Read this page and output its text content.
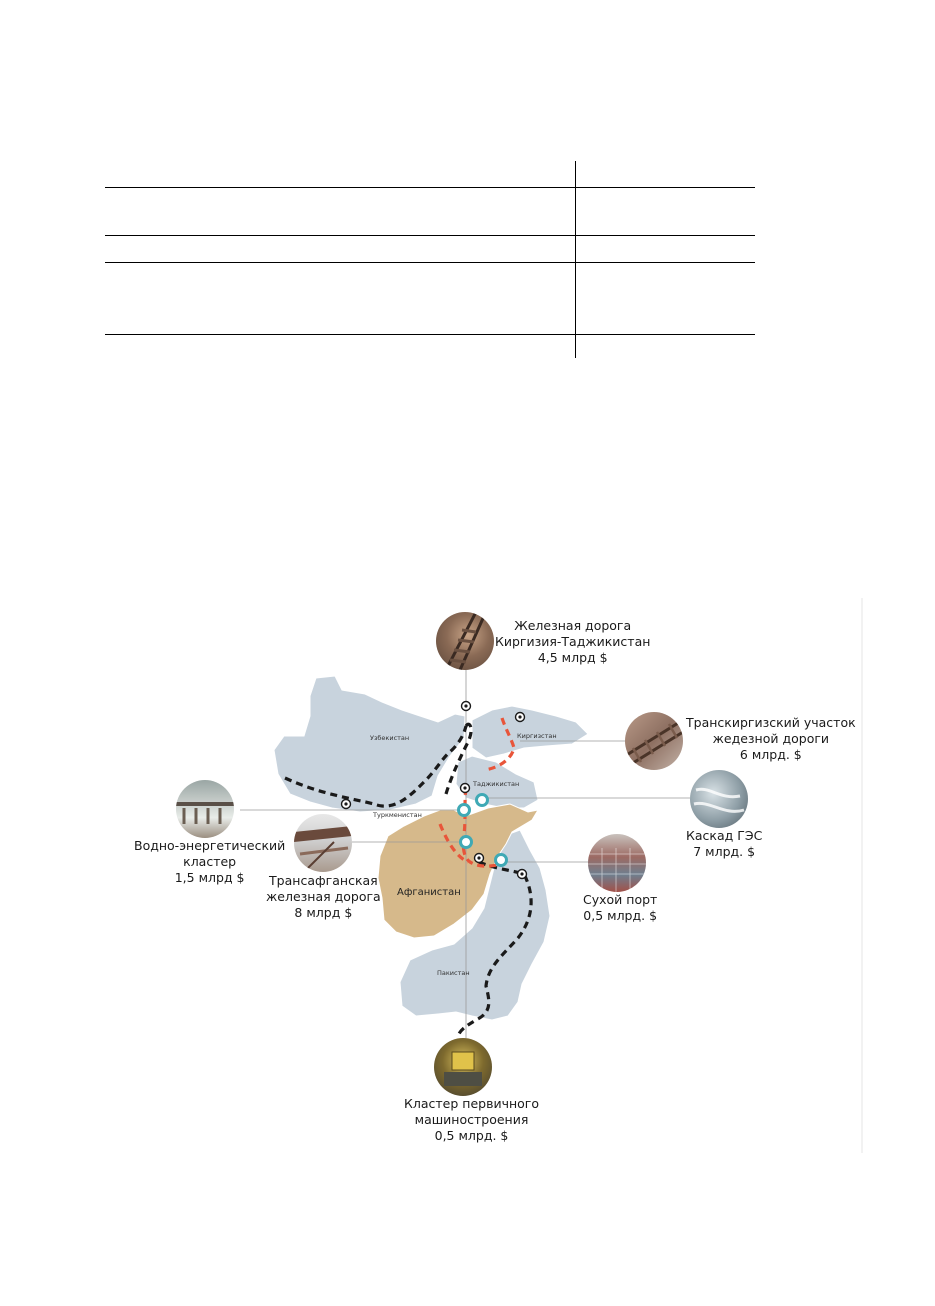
Узбекистан	Киргизстан
Таджикистан
Туркменистан
Афганистан
Пакистан
Железная дорога
Киргизия-Таджикистан
4,5 млрд $
Транскиргизский участок
жедезной дороги
6 млрд. $
Каскад ГЭС
7 млрд. $
Сухой порт
0,5 млрд. $
Водно-энергетический
кластер
1,5 млрд $	Трансафганская
железная дорога
8 млрд $
Кластер первичного
машиностроения
0,5 млрд. $
